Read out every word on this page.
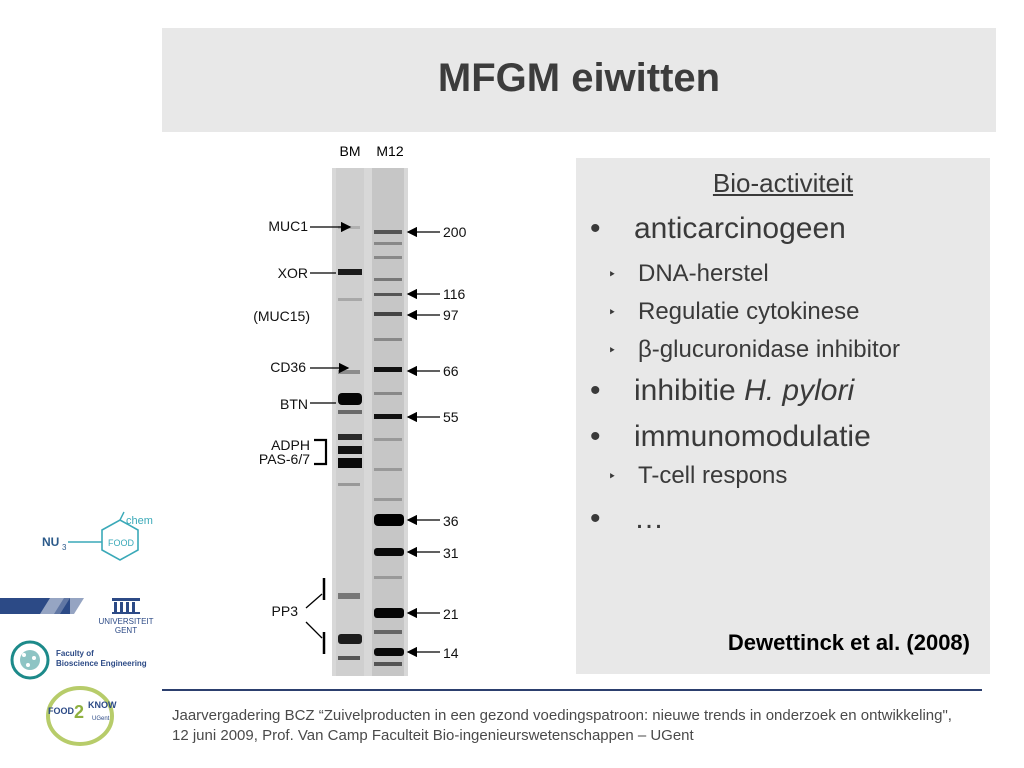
MFGM eiwitten
BM M12
MUC1
XOR
(MUC15)
CD36
BTN
ADPH
PAS-6/7
PP3
200
116
97
66
55
36
31
21
14
Bio-activiteit
• anticarcinogeen
‣ DNA-herstel
‣ Regulatie cytokinese
‣ β-glucuronidase inhibitor
• inhibitie H. pylori
• immunomodulatie
‣ T-cell respons
• …
Dewettinck et al. (2008)
FOOD
chem
NU 3
UNIVERSITEIT
GENT
Faculty of
Bioscience Engineering
FOOD 2 KNOW
UGent	Jaarvergadering BCZ “Zuivelproducten in een gezond voedingspatroon: nieuwe trends in onderzoek en ontwikkeling", 12 juni 2009, Prof. Van Camp Faculteit Bio-ingenieurswetenschappen – UGent
